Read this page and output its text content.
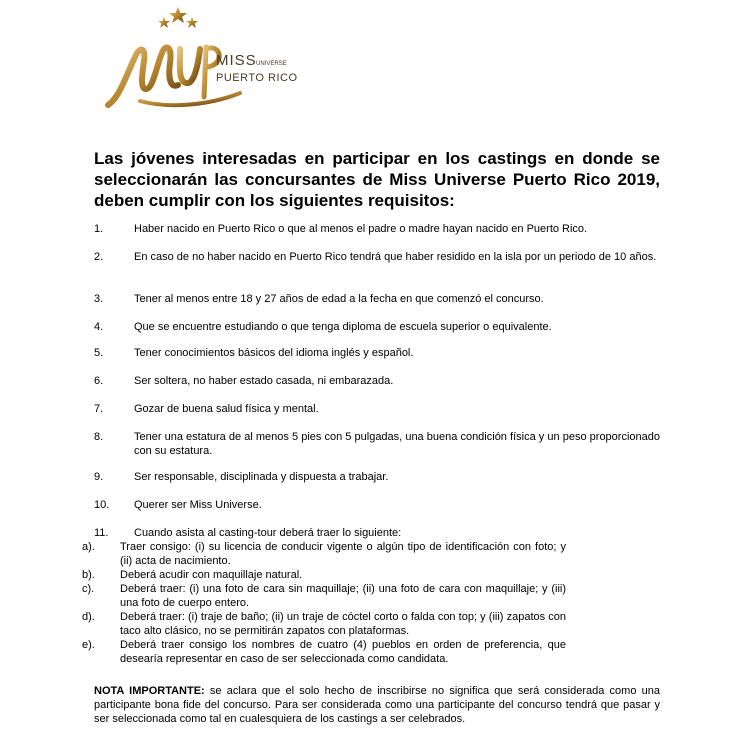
MISS UNIVERSE
PUERTO RICO
Las jóvenes interesadas en participar en los castings en donde se seleccionarán las concursantes de Miss Universe Puerto Rico 2019, deben cumplir con los siguientes requisitos:
1.	Haber nacido en Puerto Rico o que al menos el padre o madre hayan nacido en Puerto Rico.
2.	En caso de no haber nacido en Puerto Rico tendrá que haber residido en la isla por un periodo de 10 años.
3.	Tener al menos entre 18 y 27 años de edad a la fecha en que comenzó el concurso.
4.	Que se encuentre estudiando o que tenga diploma de escuela superior o equivalente.
5.	Tener conocimientos básicos del idioma inglés y español.
6.	Ser soltera, no haber estado casada, ni embarazada.
7.	Gozar de buena salud física y mental.
8.	Tener una estatura de al menos 5 pies con 5 pulgadas, una buena condición física y un peso proporcionado con su estatura.
9.	Ser responsable, disciplinada y dispuesta a trabajar.
10.	Querer ser Miss Universe.
11.	Cuando asista al casting-tour deberá traer lo siguiente:
a).	Traer consigo: (i) su licencia de conducir vigente o algún tipo de identificación con foto; y (ii) acta de nacimiento.
b).	Deberá acudir con maquillaje natural.
c).	Deberá traer: (i) una foto de cara sin maquillaje; (ii) una foto de cara con maquillaje; y (iii) una foto de cuerpo entero.
d).	Deberá traer: (i) traje de baño; (ii) un traje de cóctel corto o falda con top; y (iii) zapatos con taco alto clásico, no se permitirán zapatos con plataformas.
e).	Deberá traer consigo los nombres de cuatro (4) pueblos en orden de preferencia, que desearía representar en caso de ser seleccionada como candidata.
NOTA IMPORTANTE: se aclara que el solo hecho de inscribirse no significa que será considerada como una participante bona fide del concurso. Para ser considerada como una participante del concurso tendrá que pasar y ser seleccionada como tal en cualesquiera de los castings a ser celebrados.
